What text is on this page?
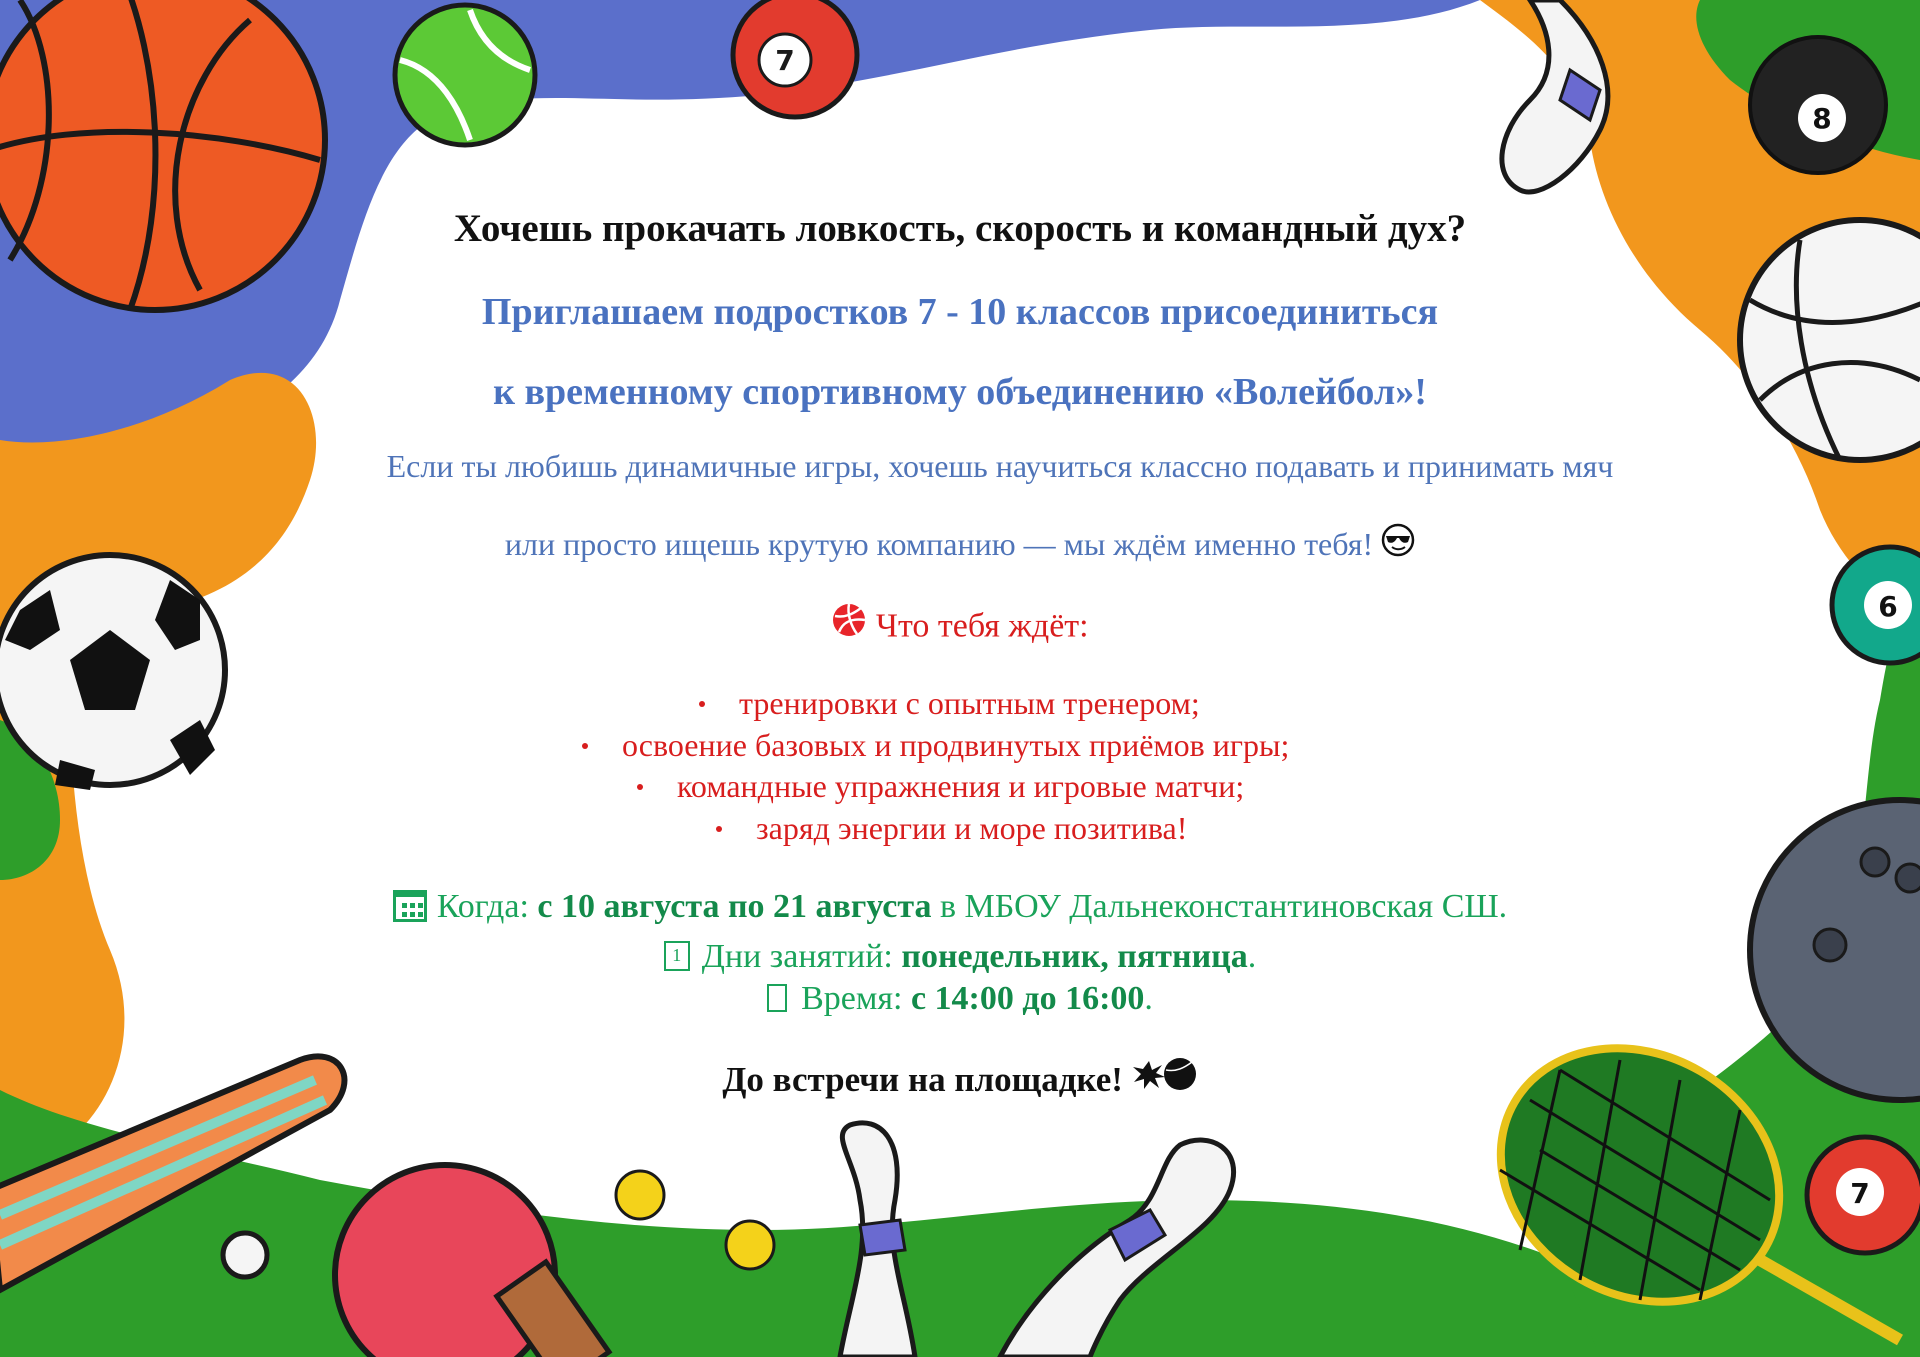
7
8
6
7
Хочешь прокачать ловкость, скорость и командный дух?
Приглашаем подростков 7 - 10 классов присоединиться
к временному спортивному объединению «Волейбол»!
Если ты любишь динамичные игры, хочешь научиться классно подавать и принимать мяч
или просто ищешь крутую компанию — мы ждём именно тебя!
Что тебя ждёт:
тренировки с опытным тренером;
освоение базовых и продвинутых приёмов игры;
командные упражнения и игровые матчи;
заряд энергии и море позитива!
Когда: с 10 августа по 21 августа в МБОУ Дальнеконстантиновская СШ.
1 Дни занятий: понедельник, пятница.
Время: с 14:00 до 16:00.
До встречи на площадке!
